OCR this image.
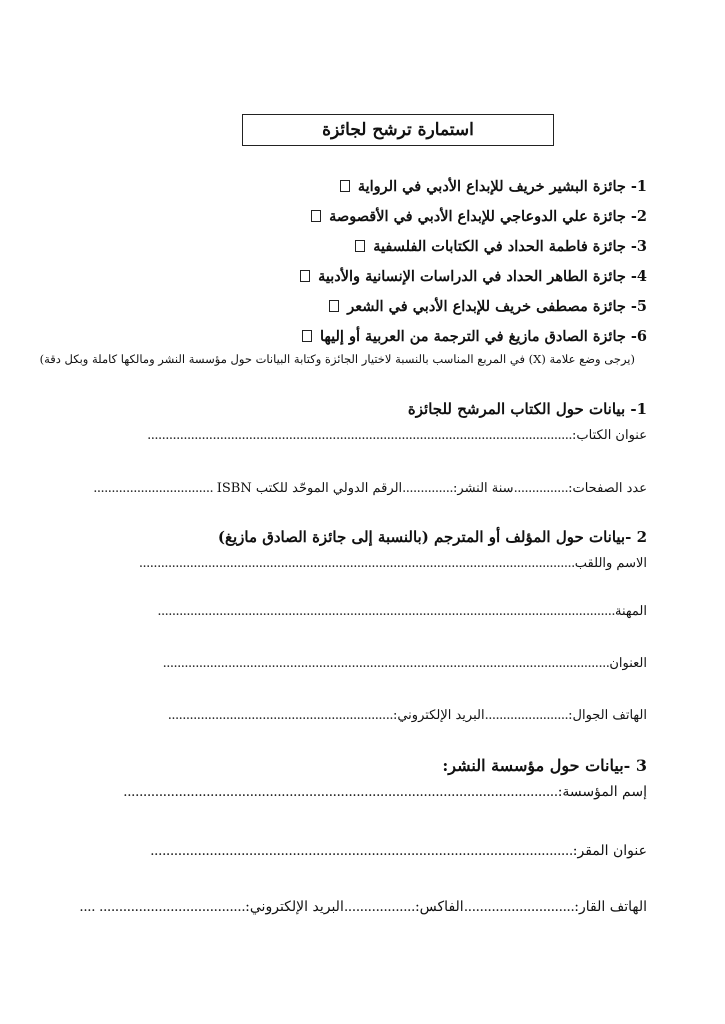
استمارة ترشح لجائزة
1- جائزة البشير خريف للإبداع الأدبي في الرواية
2- جائزة علي الدوعاجي للإبداع الأدبي في الأقصوصة
3- جائزة فاطمة الحداد في الكتابات الفلسفية
4- جائزة الطاهر الحداد في الدراسات الإنسانية والأدبية
5- جائزة مصطفى خريف للإبداع الأدبي في الشعر
6- جائزة الصادق مازيغ في الترجمة من العربية أو إليها
(يرجى وضع علامة (X) في المربع المناسب بالنسبة لاختيار الجائزة وكتابة البيانات حول مؤسسة النشر ومالكها كاملة وبكل دقة)
1- بيانات حول الكتاب المرشح للجائزة
عنوان الكتاب:
.....................................................................................................................
عدد الصفحات:
...............
سنة النشر:
..............
الرقم الدولي الموحّد للكتب ISBN
.................................
2 -بيانات حول المؤلف أو المترجم (بالنسبة إلى جائزة الصادق مازيغ)
الاسم واللقب
........................................................................................................................
المهنة
..............................................................................................................................
العنوان
...........................................................................................................................
الهاتف الجوال:
.......................
البريد الإلكتروني:
..............................................................
3 -بيانات حول مؤسسة النشر:
إسم المؤسسة:
..............................................................................................................
عنوان المقر:
...........................................................................................................
الهاتف القار:
............................
الفاكس:
..................
البريد الإلكتروني:
..................................... ....
